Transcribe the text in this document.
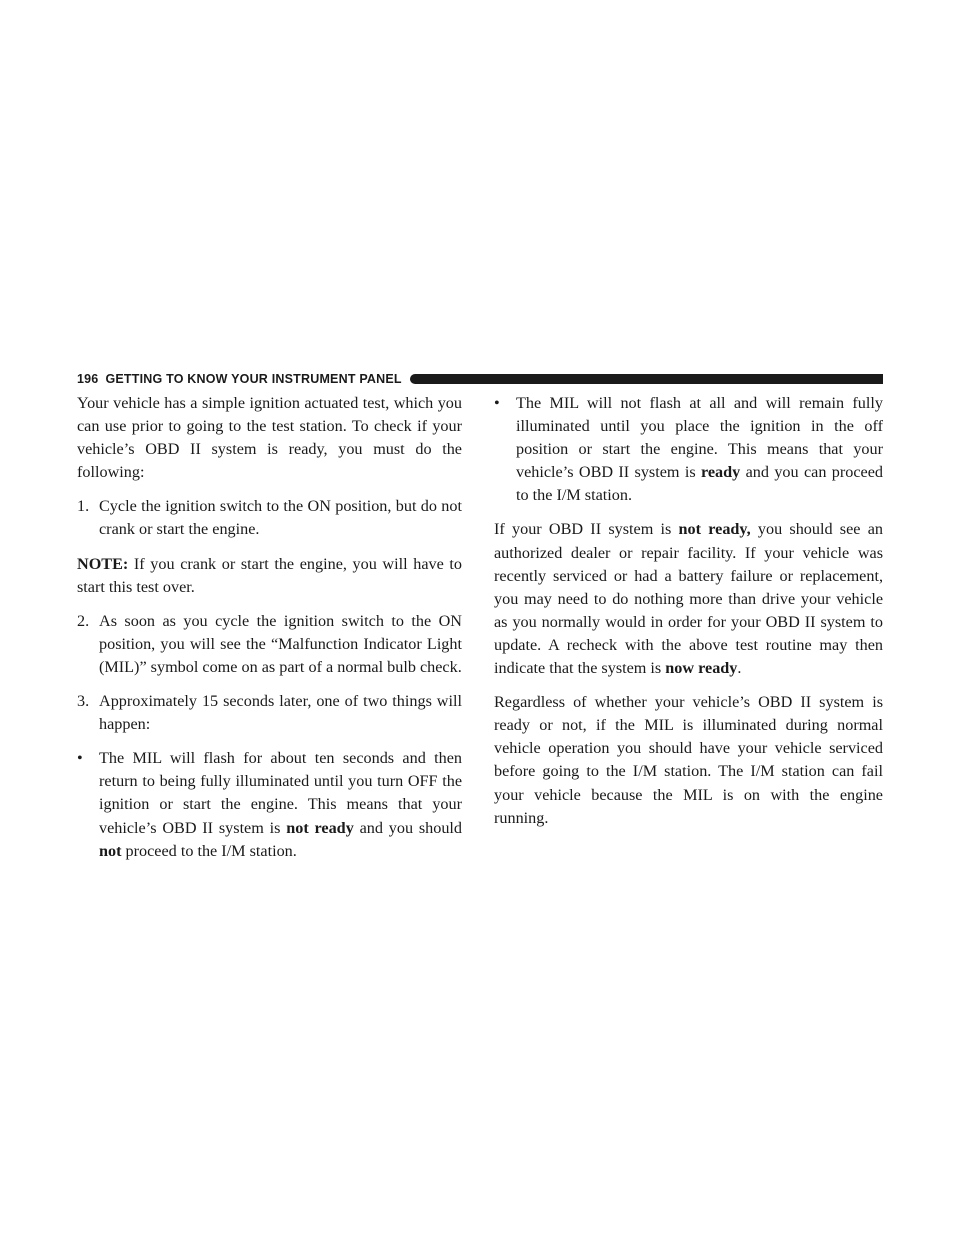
196 GETTING TO KNOW YOUR INSTRUMENT PANEL

Your vehicle has a simple ignition actuated test, which you can use prior to going to the test station. To check if your vehicle’s OBD II system is ready, you must do the following:

1. Cycle the ignition switch to the ON position, but do not crank or start the engine.

NOTE: If you crank or start the engine, you will have to start this test over.

2. As soon as you cycle the ignition switch to the ON position, you will see the “Malfunction Indicator Light (MIL)” symbol come on as part of a normal bulb check.

3. Approximately 15 seconds later, one of two things will happen:

• The MIL will flash for about ten seconds and then return to being fully illuminated until you turn OFF the ignition or start the engine. This means that your vehicle’s OBD II system is not ready and you should not proceed to the I/M station.

• The MIL will not flash at all and will remain fully illuminated until you place the ignition in the off position or start the engine. This means that your vehicle’s OBD II system is ready and you can proceed to the I/M station.

If your OBD II system is not ready, you should see an authorized dealer or repair facility. If your vehicle was recently serviced or had a battery failure or replacement, you may need to do nothing more than drive your vehicle as you normally would in order for your OBD II system to update. A recheck with the above test routine may then indicate that the system is now ready.

Regardless of whether your vehicle’s OBD II system is ready or not, if the MIL is illuminated during normal vehicle operation you should have your vehicle serviced before going to the I/M station. The I/M station can fail your vehicle because the MIL is on with the engine running.
